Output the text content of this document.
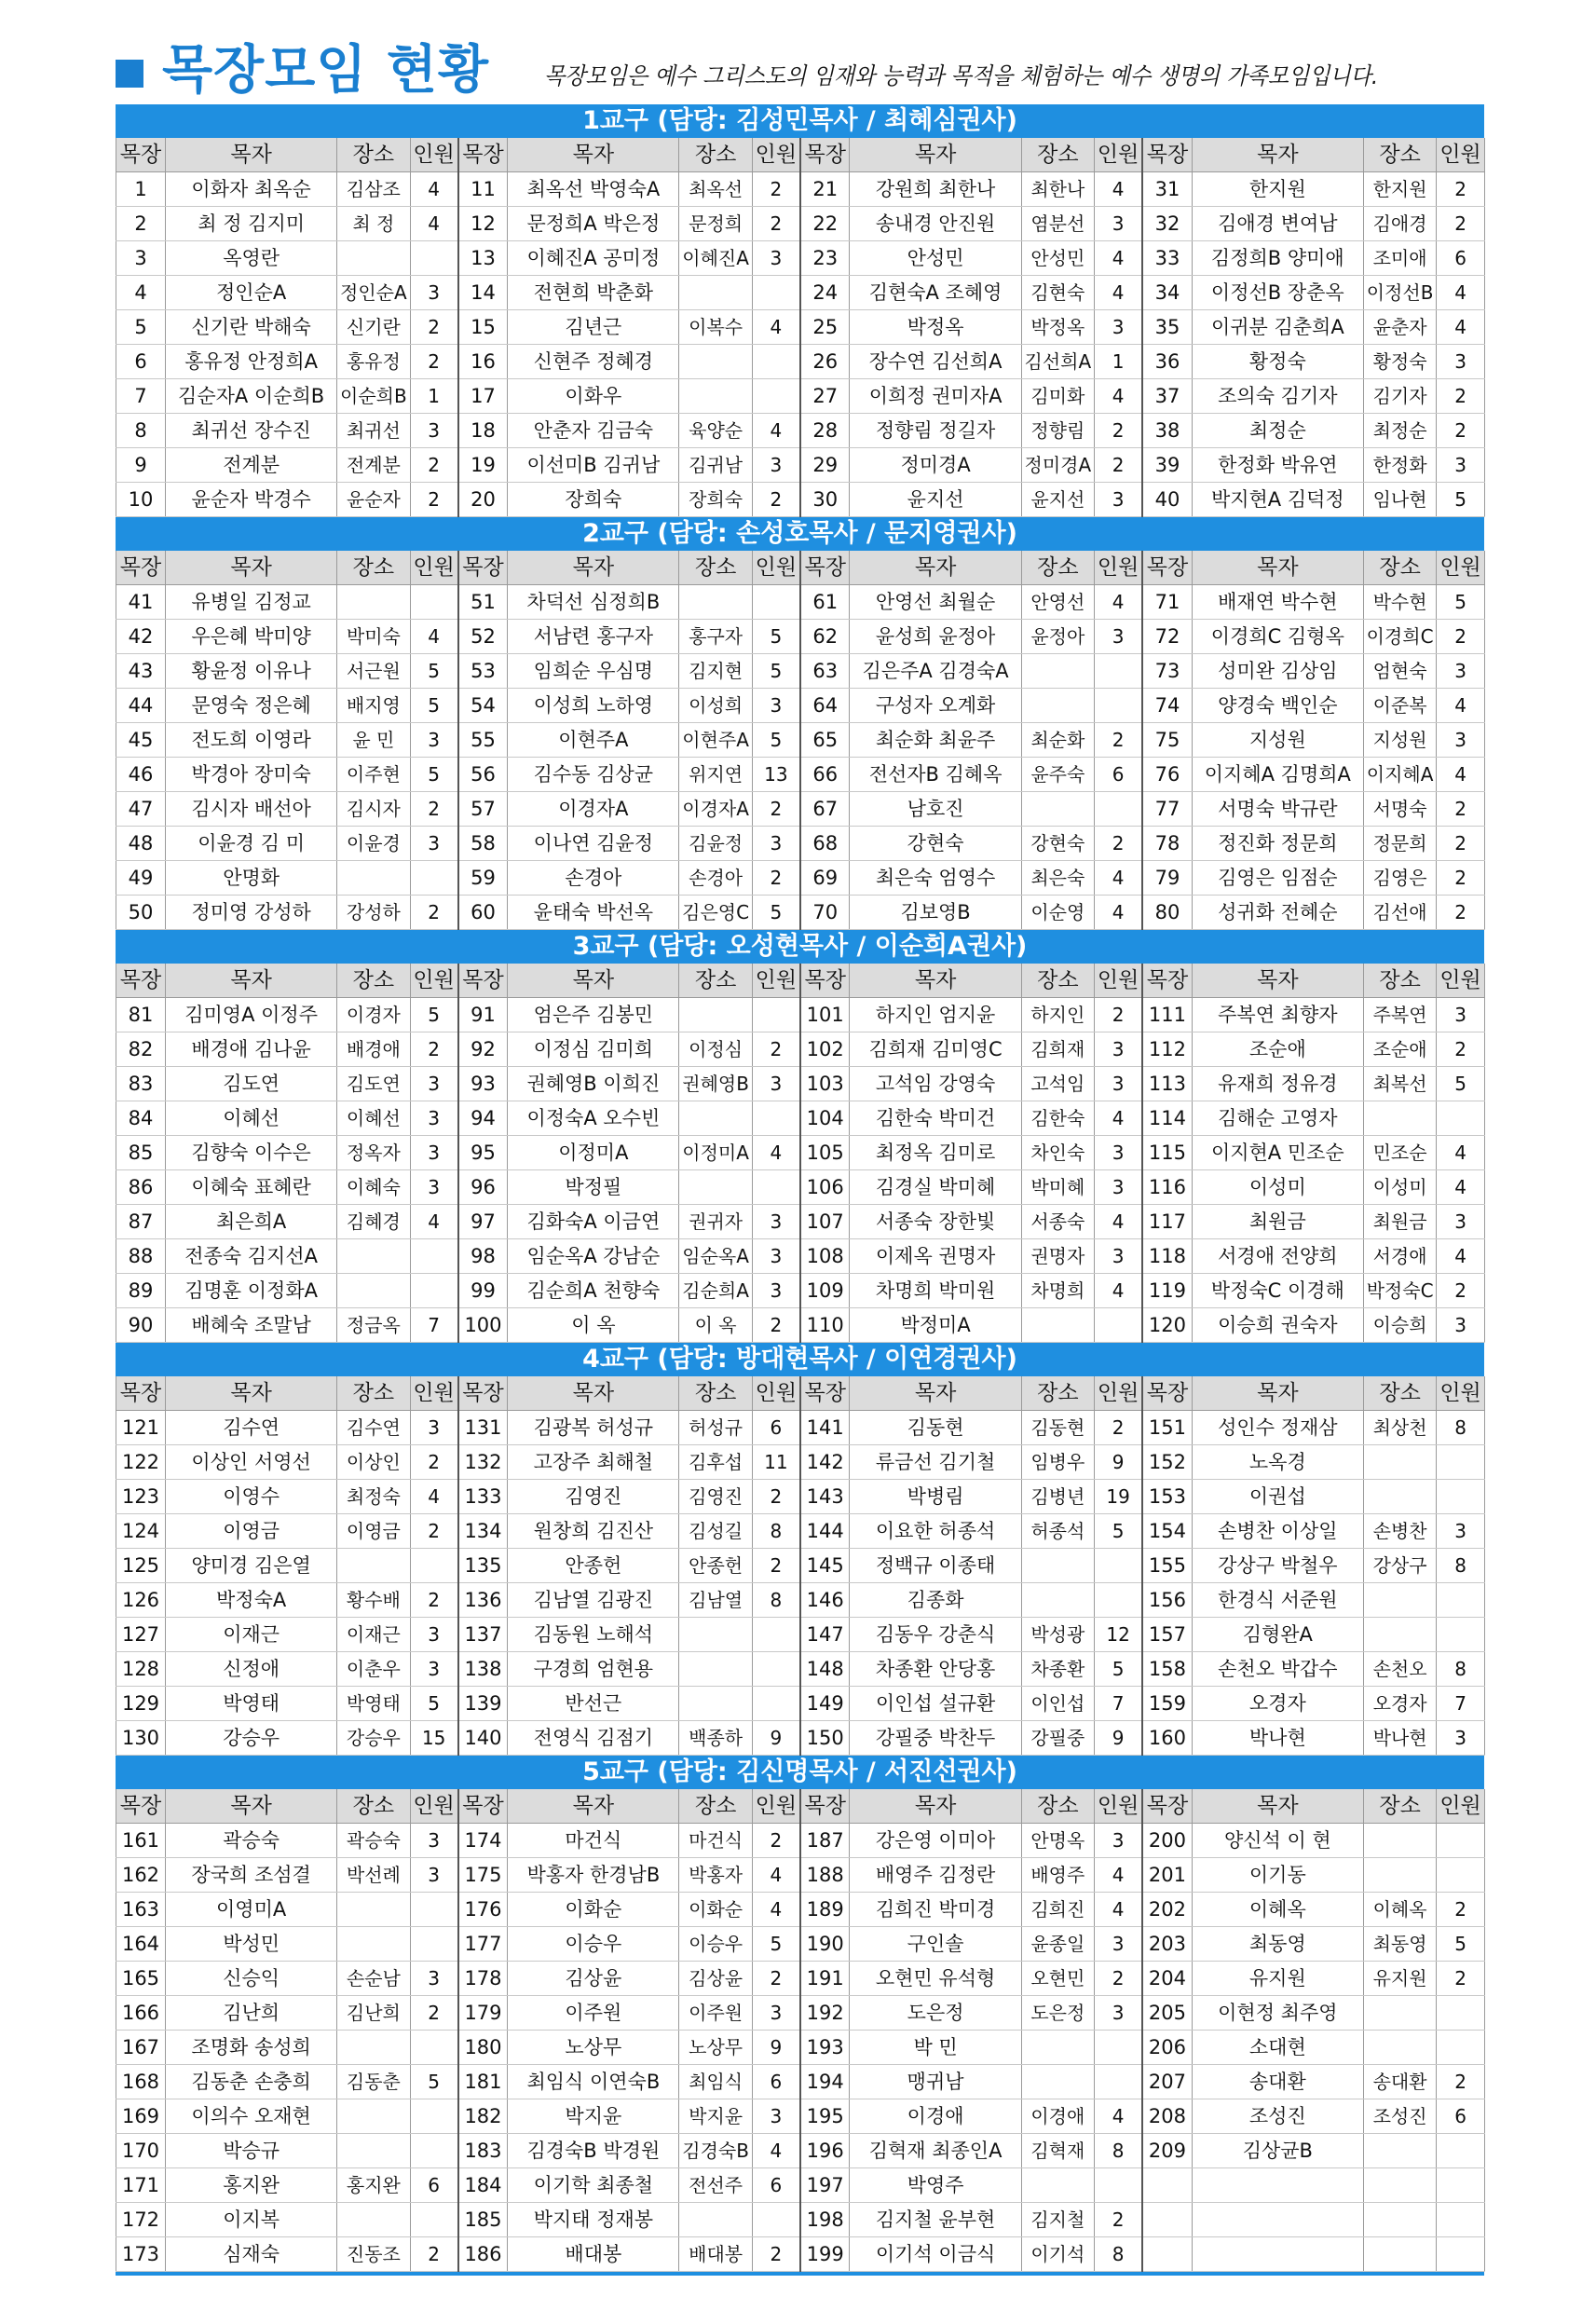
목장모임 현황 목장모임은 예수 그리스도의 임재와 능력과 목적을 체험하는 예수 생명의 가족모임입니다.
1교구 (담당: 김성민목사 / 최혜심권사)
목장	목자	장소	인원	목장	목자	장소	인원	목장	목자	장소	인원	목장	목자	장소	인원
1	이화자 최옥순	김삼조	4	11	최옥선 박영숙A	최옥선	2	21	강원희 최한나	최한나	4	31	한지원	한지원	2
2	최 정 김지미	최 정	4	12	문정희A 박은정	문정희	2	22	송내경 안진원	염분선	3	32	김애경 변여남	김애경	2
3	옥영란			13	이혜진A 공미정	이혜진A	3	23	안성민	안성민	4	33	김정희B 양미애	조미애	6
4	정인순A	정인순A	3	14	전현희 박춘화			24	김현숙A 조혜영	김현숙	4	34	이정선B 장춘옥	이정선B	4
5	신기란 박해숙	신기란	2	15	김년근	이복수	4	25	박정옥	박정옥	3	35	이귀분 김춘희A	윤춘자	4
6	홍유정 안정희A	홍유정	2	16	신현주 정혜경			26	장수연 김선희A	김선희A	1	36	황정숙	황정숙	3
7	김순자A 이순희B	이순희B	1	17	이화우			27	이희정 권미자A	김미화	4	37	조의숙 김기자	김기자	2
8	최귀선 장수진	최귀선	3	18	안춘자 김금숙	육양순	4	28	정향림 정길자	정향림	2	38	최정순	최정순	2
9	전계분	전계분	2	19	이선미B 김귀남	김귀남	3	29	정미경A	정미경A	2	39	한정화 박유연	한정화	3
10	윤순자 박경수	윤순자	2	20	장희숙	장희숙	2	30	윤지선	윤지선	3	40	박지현A 김덕정	임나현	5
2교구 (담당: 손성호목사 / 문지영권사)
목장	목자	장소	인원	목장	목자	장소	인원	목장	목자	장소	인원	목장	목자	장소	인원
41	유병일 김정교			51	차덕선 심정희B			61	안영선 최월순	안영선	4	71	배재연 박수현	박수현	5
42	우은혜 박미양	박미숙	4	52	서남련 홍구자	홍구자	5	62	윤성희 윤정아	윤정아	3	72	이경희C 김형옥	이경희C	2
43	황윤정 이유나	서근원	5	53	임희순 우심명	김지현	5	63	김은주A 김경숙A			73	성미완 김상임	엄현숙	3
44	문영숙 정은혜	배지영	5	54	이성희 노하영	이성희	3	64	구성자 오계화			74	양경숙 백인순	이준복	4
45	전도희 이영라	윤 민	3	55	이현주A	이현주A	5	65	최순화 최윤주	최순화	2	75	지성원	지성원	3
46	박경아 장미숙	이주현	5	56	김수동 김상균	위지연	13	66	전선자B 김혜옥	윤주숙	6	76	이지혜A 김명희A	이지혜A	4
47	김시자 배선아	김시자	2	57	이경자A	이경자A	2	67	남호진			77	서명숙 박규란	서명숙	2
48	이윤경 김 미	이윤경	3	58	이나연 김윤정	김윤정	3	68	강현숙	강현숙	2	78	정진화 정문희	정문희	2
49	안명화			59	손경아	손경아	2	69	최은숙 엄영수	최은숙	4	79	김영은 임점순	김영은	2
50	정미영 강성하	강성하	2	60	윤태숙 박선옥	김은영C	5	70	김보영B	이순영	4	80	성귀화 전혜순	김선애	2
3교구 (담당: 오성현목사 / 이순희A권사)
목장	목자	장소	인원	목장	목자	장소	인원	목장	목자	장소	인원	목장	목자	장소	인원
81	김미영A 이정주	이경자	5	91	엄은주 김봉민			101	하지인 엄지윤	하지인	2	111	주복연 최향자	주복연	3
82	배경애 김나윤	배경애	2	92	이정심 김미희	이정심	2	102	김희재 김미영C	김희재	3	112	조순애	조순애	2
83	김도연	김도연	3	93	권혜영B 이희진	권혜영B	3	103	고석임 강영숙	고석임	3	113	유재희 정유경	최복선	5
84	이혜선	이혜선	3	94	이정숙A 오수빈			104	김한숙 박미건	김한숙	4	114	김해순 고영자		
85	김향숙 이수은	정옥자	3	95	이정미A	이정미A	4	105	최정옥 김미로	차인숙	3	115	이지현A 민조순	민조순	4
86	이혜숙 표혜란	이혜숙	3	96	박정필			106	김경실 박미혜	박미혜	3	116	이성미	이성미	4
87	최은희A	김혜경	4	97	김화숙A 이금연	권귀자	3	107	서종숙 장한빛	서종숙	4	117	최원금	최원금	3
88	전종숙 김지선A			98	임순옥A 강남순	임순옥A	3	108	이제옥 권명자	권명자	3	118	서경애 전양희	서경애	4
89	김명훈 이정화A			99	김순희A 천향숙	김순희A	3	109	차명희 박미원	차명희	4	119	박정숙C 이경해	박정숙C	2
90	배혜숙 조말남	정금옥	7	100	이 옥	이 옥	2	110	박정미A			120	이승희 권숙자	이승희	3
4교구 (담당: 방대현목사 / 이연경권사)
목장	목자	장소	인원	목장	목자	장소	인원	목장	목자	장소	인원	목장	목자	장소	인원
121	김수연	김수연	3	131	김광복 허성규	허성규	6	141	김동현	김동현	2	151	성인수 정재삼	최상천	8
122	이상인 서영선	이상인	2	132	고장주 최해철	김후섭	11	142	류금선 김기철	임병우	9	152	노옥경		
123	이영수	최정숙	4	133	김영진	김영진	2	143	박병림	김병년	19	153	이권섭		
124	이영금	이영금	2	134	원창희 김진산	김성길	8	144	이요한 허종석	허종석	5	154	손병찬 이상일	손병찬	3
125	양미경 김은열			135	안종헌	안종헌	2	145	정백규 이종태			155	강상구 박철우	강상구	8
126	박정숙A	황수배	2	136	김남열 김광진	김남열	8	146	김종화			156	한경식 서준원		
127	이재근	이재근	3	137	김동원 노해석			147	김동우 강춘식	박성광	12	157	김형완A		
128	신정애	이춘우	3	138	구경희 엄현용			148	차종환 안당홍	차종환	5	158	손천오 박갑수	손천오	8
129	박영태	박영태	5	139	반선근			149	이인섭 설규환	이인섭	7	159	오경자	오경자	7
130	강승우	강승우	15	140	전영식 김점기	백종하	9	150	강필중 박찬두	강필중	9	160	박나현	박나현	3
5교구 (담당: 김신명목사 / 서진선권사)
목장	목자	장소	인원	목장	목자	장소	인원	목장	목자	장소	인원	목장	목자	장소	인원
161	곽승숙	곽승숙	3	174	마건식	마건식	2	187	강은영 이미아	안명옥	3	200	양신석 이 현		
162	장국희 조섬결	박선례	3	175	박홍자 한경남B	박홍자	4	188	배영주 김정란	배영주	4	201	이기동		
163	이영미A			176	이화순	이화순	4	189	김희진 박미경	김희진	4	202	이혜옥	이혜옥	2
164	박성민			177	이승우	이승우	5	190	구인솔	윤종일	3	203	최동영	최동영	5
165	신승익	손순남	3	178	김상윤	김상윤	2	191	오현민 유석형	오현민	2	204	유지원	유지원	2
166	김난희	김난희	2	179	이주원	이주원	3	192	도은정	도은정	3	205	이현정 최주영		
167	조명화 송성희			180	노상무	노상무	9	193	박 민			206	소대현		
168	김동춘 손충희	김동춘	5	181	최임식 이연숙B	최임식	6	194	맹귀남			207	송대환	송대환	2
169	이의수 오재현			182	박지윤	박지윤	3	195	이경애	이경애	4	208	조성진	조성진	6
170	박승규			183	김경숙B 박경원	김경숙B	4	196	김혁재 최종인A	김혁재	8	209	김상균B		
171	홍지완	홍지완	6	184	이기학 최종철	전선주	6	197	박영주						
172	이지복			185	박지태 정재봉			198	김지철 윤부현	김지철	2				
173	심재숙	진동조	2	186	배대봉	배대봉	2	199	이기석 이금식	이기석	8				
